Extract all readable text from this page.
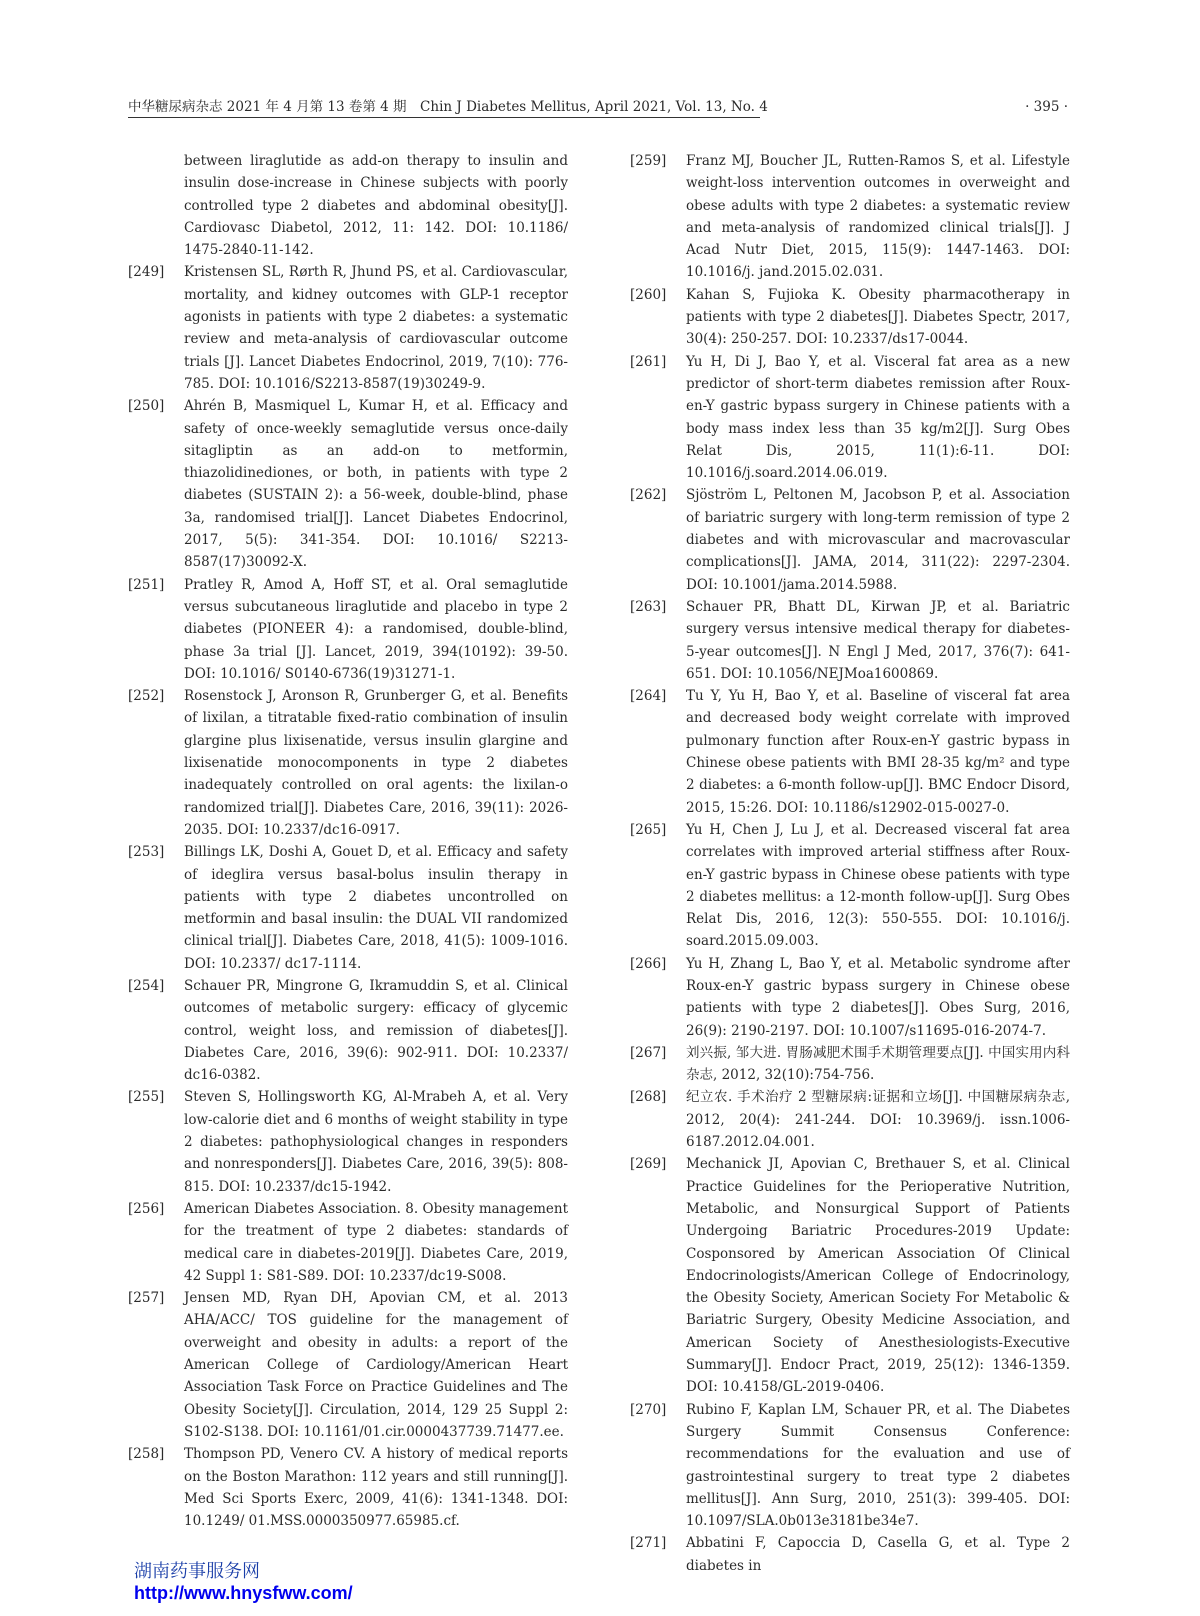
中华糖尿病杂志 2021 年 4 月第 13 卷第 4 期　Chin J Diabetes Mellitus, April 2021, Vol. 13, No. 4	· 395 ·
between liraglutide as add-on therapy to insulin and insulin dose-increase in Chinese subjects with poorly controlled type 2 diabetes and abdominal obesity[J]. Cardiovasc Diabetol, 2012, 11: 142. DOI: 10.1186/ 1475-2840-11-142.
[249] Kristensen SL, Rørth R, Jhund PS, et al. Cardiovascular, mortality, and kidney outcomes with GLP-1 receptor agonists in patients with type 2 diabetes: a systematic review and meta-analysis of cardiovascular outcome trials [J]. Lancet Diabetes Endocrinol, 2019, 7(10): 776-785. DOI: 10.1016/S2213-8587(19)30249-9.
[250] Ahrén B, Masmiquel L, Kumar H, et al. Efficacy and safety of once-weekly semaglutide versus once-daily sitagliptin as an add-on to metformin, thiazolidinediones, or both, in patients with type 2 diabetes (SUSTAIN 2): a 56-week, double-blind, phase 3a, randomised trial[J]. Lancet Diabetes Endocrinol, 2017, 5(5): 341-354. DOI: 10.1016/ S2213-8587(17)30092-X.
[251] Pratley R, Amod A, Hoff ST, et al. Oral semaglutide versus subcutaneous liraglutide and placebo in type 2 diabetes (PIONEER 4): a randomised, double-blind, phase 3a trial [J]. Lancet, 2019, 394(10192): 39-50. DOI: 10.1016/ S0140-6736(19)31271-1.
[252] Rosenstock J, Aronson R, Grunberger G, et al. Benefits of lixilan, a titratable fixed-ratio combination of insulin glargine plus lixisenatide, versus insulin glargine and lixisenatide monocomponents in type 2 diabetes inadequately controlled on oral agents: the lixilan-o randomized trial[J]. Diabetes Care, 2016, 39(11): 2026-2035. DOI: 10.2337/dc16-0917.
[253] Billings LK, Doshi A, Gouet D, et al. Efficacy and safety of ideglira versus basal-bolus insulin therapy in patients with type 2 diabetes uncontrolled on metformin and basal insulin: the DUAL VII randomized clinical trial[J]. Diabetes Care, 2018, 41(5): 1009-1016. DOI: 10.2337/ dc17-1114.
[254] Schauer PR, Mingrone G, Ikramuddin S, et al. Clinical outcomes of metabolic surgery: efficacy of glycemic control, weight loss, and remission of diabetes[J]. Diabetes Care, 2016, 39(6): 902-911. DOI: 10.2337/ dc16-0382.
[255] Steven S, Hollingsworth KG, Al-Mrabeh A, et al. Very low-calorie diet and 6 months of weight stability in type 2 diabetes: pathophysiological changes in responders and nonresponders[J]. Diabetes Care, 2016, 39(5): 808-815. DOI: 10.2337/dc15-1942.
[256] American Diabetes Association. 8. Obesity management for the treatment of type 2 diabetes: standards of medical care in diabetes-2019[J]. Diabetes Care, 2019, 42 Suppl 1: S81-S89. DOI: 10.2337/dc19-S008.
[257] Jensen MD, Ryan DH, Apovian CM, et al. 2013 AHA/ACC/ TOS guideline for the management of overweight and obesity in adults: a report of the American College of Cardiology/American Heart Association Task Force on Practice Guidelines and The Obesity Society[J]. Circulation, 2014, 129 25 Suppl 2: S102-S138. DOI: 10.1161/01.cir.0000437739.71477.ee.
[258] Thompson PD, Venero CV. A history of medical reports on the Boston Marathon: 112 years and still running[J]. Med Sci Sports Exerc, 2009, 41(6): 1341-1348. DOI: 10.1249/ 01.MSS.0000350977.65985.cf.
[259] Franz MJ, Boucher JL, Rutten-Ramos S, et al. Lifestyle weight-loss intervention outcomes in overweight and obese adults with type 2 diabetes: a systematic review and meta-analysis of randomized clinical trials[J]. J Acad Nutr Diet, 2015, 115(9): 1447-1463. DOI: 10.1016/j. jand.2015.02.031.
[260] Kahan S, Fujioka K. Obesity pharmacotherapy in patients with type 2 diabetes[J]. Diabetes Spectr, 2017, 30(4): 250-257. DOI: 10.2337/ds17-0044.
[261] Yu H, Di J, Bao Y, et al. Visceral fat area as a new predictor of short-term diabetes remission after Roux-en-Y gastric bypass surgery in Chinese patients with a body mass index less than 35 kg/m2[J]. Surg Obes Relat Dis, 2015, 11(1):6-11. DOI: 10.1016/j.soard.2014.06.019.
[262] Sjöström L, Peltonen M, Jacobson P, et al. Association of bariatric surgery with long-term remission of type 2 diabetes and with microvascular and macrovascular complications[J]. JAMA, 2014, 311(22): 2297-2304. DOI: 10.1001/jama.2014.5988.
[263] Schauer PR, Bhatt DL, Kirwan JP, et al. Bariatric surgery versus intensive medical therapy for diabetes-5-year outcomes[J]. N Engl J Med, 2017, 376(7): 641-651. DOI: 10.1056/NEJMoa1600869.
[264] Tu Y, Yu H, Bao Y, et al. Baseline of visceral fat area and decreased body weight correlate with improved pulmonary function after Roux-en-Y gastric bypass in Chinese obese patients with BMI 28-35 kg/m² and type 2 diabetes: a 6-month follow-up[J]. BMC Endocr Disord, 2015, 15:26. DOI: 10.1186/s12902-015-0027-0.
[265] Yu H, Chen J, Lu J, et al. Decreased visceral fat area correlates with improved arterial stiffness after Roux-en-Y gastric bypass in Chinese obese patients with type 2 diabetes mellitus: a 12-month follow-up[J]. Surg Obes Relat Dis, 2016, 12(3): 550-555. DOI: 10.1016/j. soard.2015.09.003.
[266] Yu H, Zhang L, Bao Y, et al. Metabolic syndrome after Roux-en-Y gastric bypass surgery in Chinese obese patients with type 2 diabetes[J]. Obes Surg, 2016, 26(9): 2190-2197. DOI: 10.1007/s11695-016-2074-7.
[267] 刘兴振, 邹大进. 胃肠减肥术围手术期管理要点[J]. 中国实用内科杂志, 2012, 32(10):754-756.
[268] 纪立农. 手术治疗 2 型糖尿病:证据和立场[J]. 中国糖尿病杂志, 2012, 20(4): 241-244. DOI: 10.3969/j. issn.1006-6187.2012.04.001.
[269] Mechanick JI, Apovian C, Brethauer S, et al. Clinical Practice Guidelines for the Perioperative Nutrition, Metabolic, and Nonsurgical Support of Patients Undergoing Bariatric Procedures-2019 Update: Cosponsored by American Association Of Clinical Endocrinologists/American College of Endocrinology, the Obesity Society, American Society For Metabolic & Bariatric Surgery, Obesity Medicine Association, and American Society of Anesthesiologists-Executive Summary[J]. Endocr Pract, 2019, 25(12): 1346-1359. DOI: 10.4158/GL-2019-0406.
[270] Rubino F, Kaplan LM, Schauer PR, et al. The Diabetes Surgery Summit Consensus Conference: recommendations for the evaluation and use of gastrointestinal surgery to treat type 2 diabetes mellitus[J]. Ann Surg, 2010, 251(3): 399-405. DOI: 10.1097/SLA.0b013e3181be34e7.
[271] Abbatini F, Capoccia D, Casella G, et al. Type 2 diabetes in
湖南药事服务网
http://www.hnysfww.com/
